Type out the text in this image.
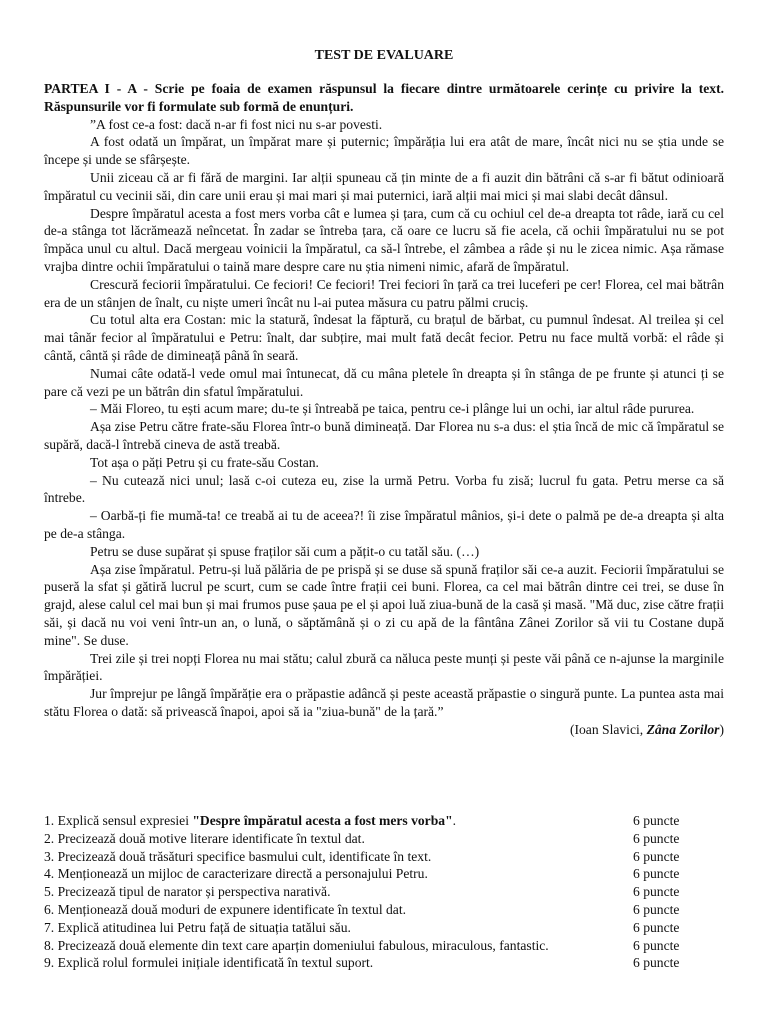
TEST DE EVALUARE

PARTEA I - A - Scrie pe foaia de examen răspunsul la fiecare dintre următoarele cerințe cu privire la text. Răspunsurile vor fi formulate sub formă de enunțuri.

”A fost ce-a fost: dacă n-ar fi fost nici nu s-ar povesti.

A fost odată un împărat, un împărat mare și puternic; împărăția lui era atât de mare, încât nici nu se știa unde se începe și unde se sfârșește.

Unii ziceau că ar fi fără de margini. Iar alții spuneau că țin minte de a fi auzit din bătrâni că s-ar fi bătut odinioară împăratul cu vecinii săi, din care unii erau și mai mari și mai puternici, iară alții mai mici și mai slabi decât dânsul.

Despre împăratul acesta a fost mers vorba cât e lumea și țara, cum că cu ochiul cel de-a dreapta tot râde, iară cu cel de-a stânga tot lăcrămează neîncetat. În zadar se întreba țara, că oare ce lucru să fie acela, că ochii împăratului nu se pot împăca unul cu altul. Dacă mergeau voinicii la împăratul, ca să-l întrebe, el zâmbea a râde și nu le zicea nimic. Așa rămase vrajba dintre ochii împăratului o taină mare despre care nu știa nimeni nimic, afară de împăratul.

Crescură feciorii împăratului. Ce feciori! Ce feciori! Trei feciori în țară ca trei luceferi pe cer! Florea, cel mai bătrân era de un stânjen de înalt, cu niște umeri încât nu l-ai putea măsura cu patru pălmi cruciș.

Cu totul alta era Costan: mic la statură, îndesat la făptură, cu brațul de bărbat, cu pumnul îndesat. Al treilea și cel mai tânăr fecior al împăratului e Petru: înalt, dar subțire, mai mult fată decât fecior. Petru nu face multă vorbă: el râde și cântă, cântă și râde de dimineață până în seară.

Numai câte odată-l vede omul mai întunecat, dă cu mâna pletele în dreapta și în stânga de pe frunte și atunci ți se pare că vezi pe un bătrân din sfatul împăratului.

– Măi Floreo, tu ești acum mare; du-te și întreabă pe taica, pentru ce-i plânge lui un ochi, iar altul râde pururea.

Așa zise Petru către frate-său Florea într-o bună dimineață. Dar Florea nu s-a dus: el știa încă de mic că împăratul se supără, dacă-l întrebă cineva de astă treabă.

Tot așa o păți Petru și cu frate-său Costan.

– Nu cutează nici unul; lasă c-oi cuteza eu, zise la urmă Petru. Vorba fu zisă; lucrul fu gata. Petru merse ca să întrebe.

– Oarbă-ți fie mumă-ta! ce treabă ai tu de aceea?! îi zise împăratul mânios, și-i dete o palmă pe de-a dreapta și alta pe de-a stânga.

Petru se duse supărat și spuse fraților săi cum a pățit-o cu tatăl său. (…)

Așa zise împăratul. Petru-și luă pălăria de pe prispă și se duse să spună fraților săi ce-a auzit. Feciorii împăratului se puseră la sfat și gătiră lucrul pe scurt, cum se cade între frații cei buni. Florea, ca cel mai bătrân dintre cei trei, se duse în grajd, alese calul cel mai bun și mai frumos puse șaua pe el și apoi luă ziua-bună de la casă și masă. "Mă duc, zise către frații săi, și dacă nu voi veni într-un an, o lună, o săptămână și o zi cu apă de la fântâna Zânei Zorilor să vii tu Costane după mine". Se duse.

Trei zile și trei nopți Florea nu mai stătu; calul zbură ca năluca peste munți și peste văi până ce n-ajunse la marginile împărăției.

Jur împrejur pe lângă împărăție era o prăpastie adâncă și peste această prăpastie o singură punte. La puntea asta mai stătu Florea o dată: să privească înapoi, apoi să ia "ziua-bună" de la țară.”

(Ioan Slavici, Zâna Zorilor)

1. Explică sensul expresiei "Despre împăratul acesta a fost mers vorba".	6 puncte
2. Precizează două motive literare identificate în textul dat.	6 puncte
3. Precizează două trăsături specifice basmului cult, identificate în text.	6 puncte
4. Menționează un mijloc de caracterizare directă a personajului Petru.	6 puncte
5. Precizează tipul de narator și perspectiva narativă.	6 puncte
6. Menționează două moduri de expunere identificate în textul dat.	6 puncte
7. Explică atitudinea lui Petru față de situația tatălui său.	6 puncte
8. Precizează două elemente din text care aparțin domeniului fabulous, miraculous, fantastic.	6 puncte
9. Explică rolul formulei inițiale identificată în textul suport.	6 puncte
